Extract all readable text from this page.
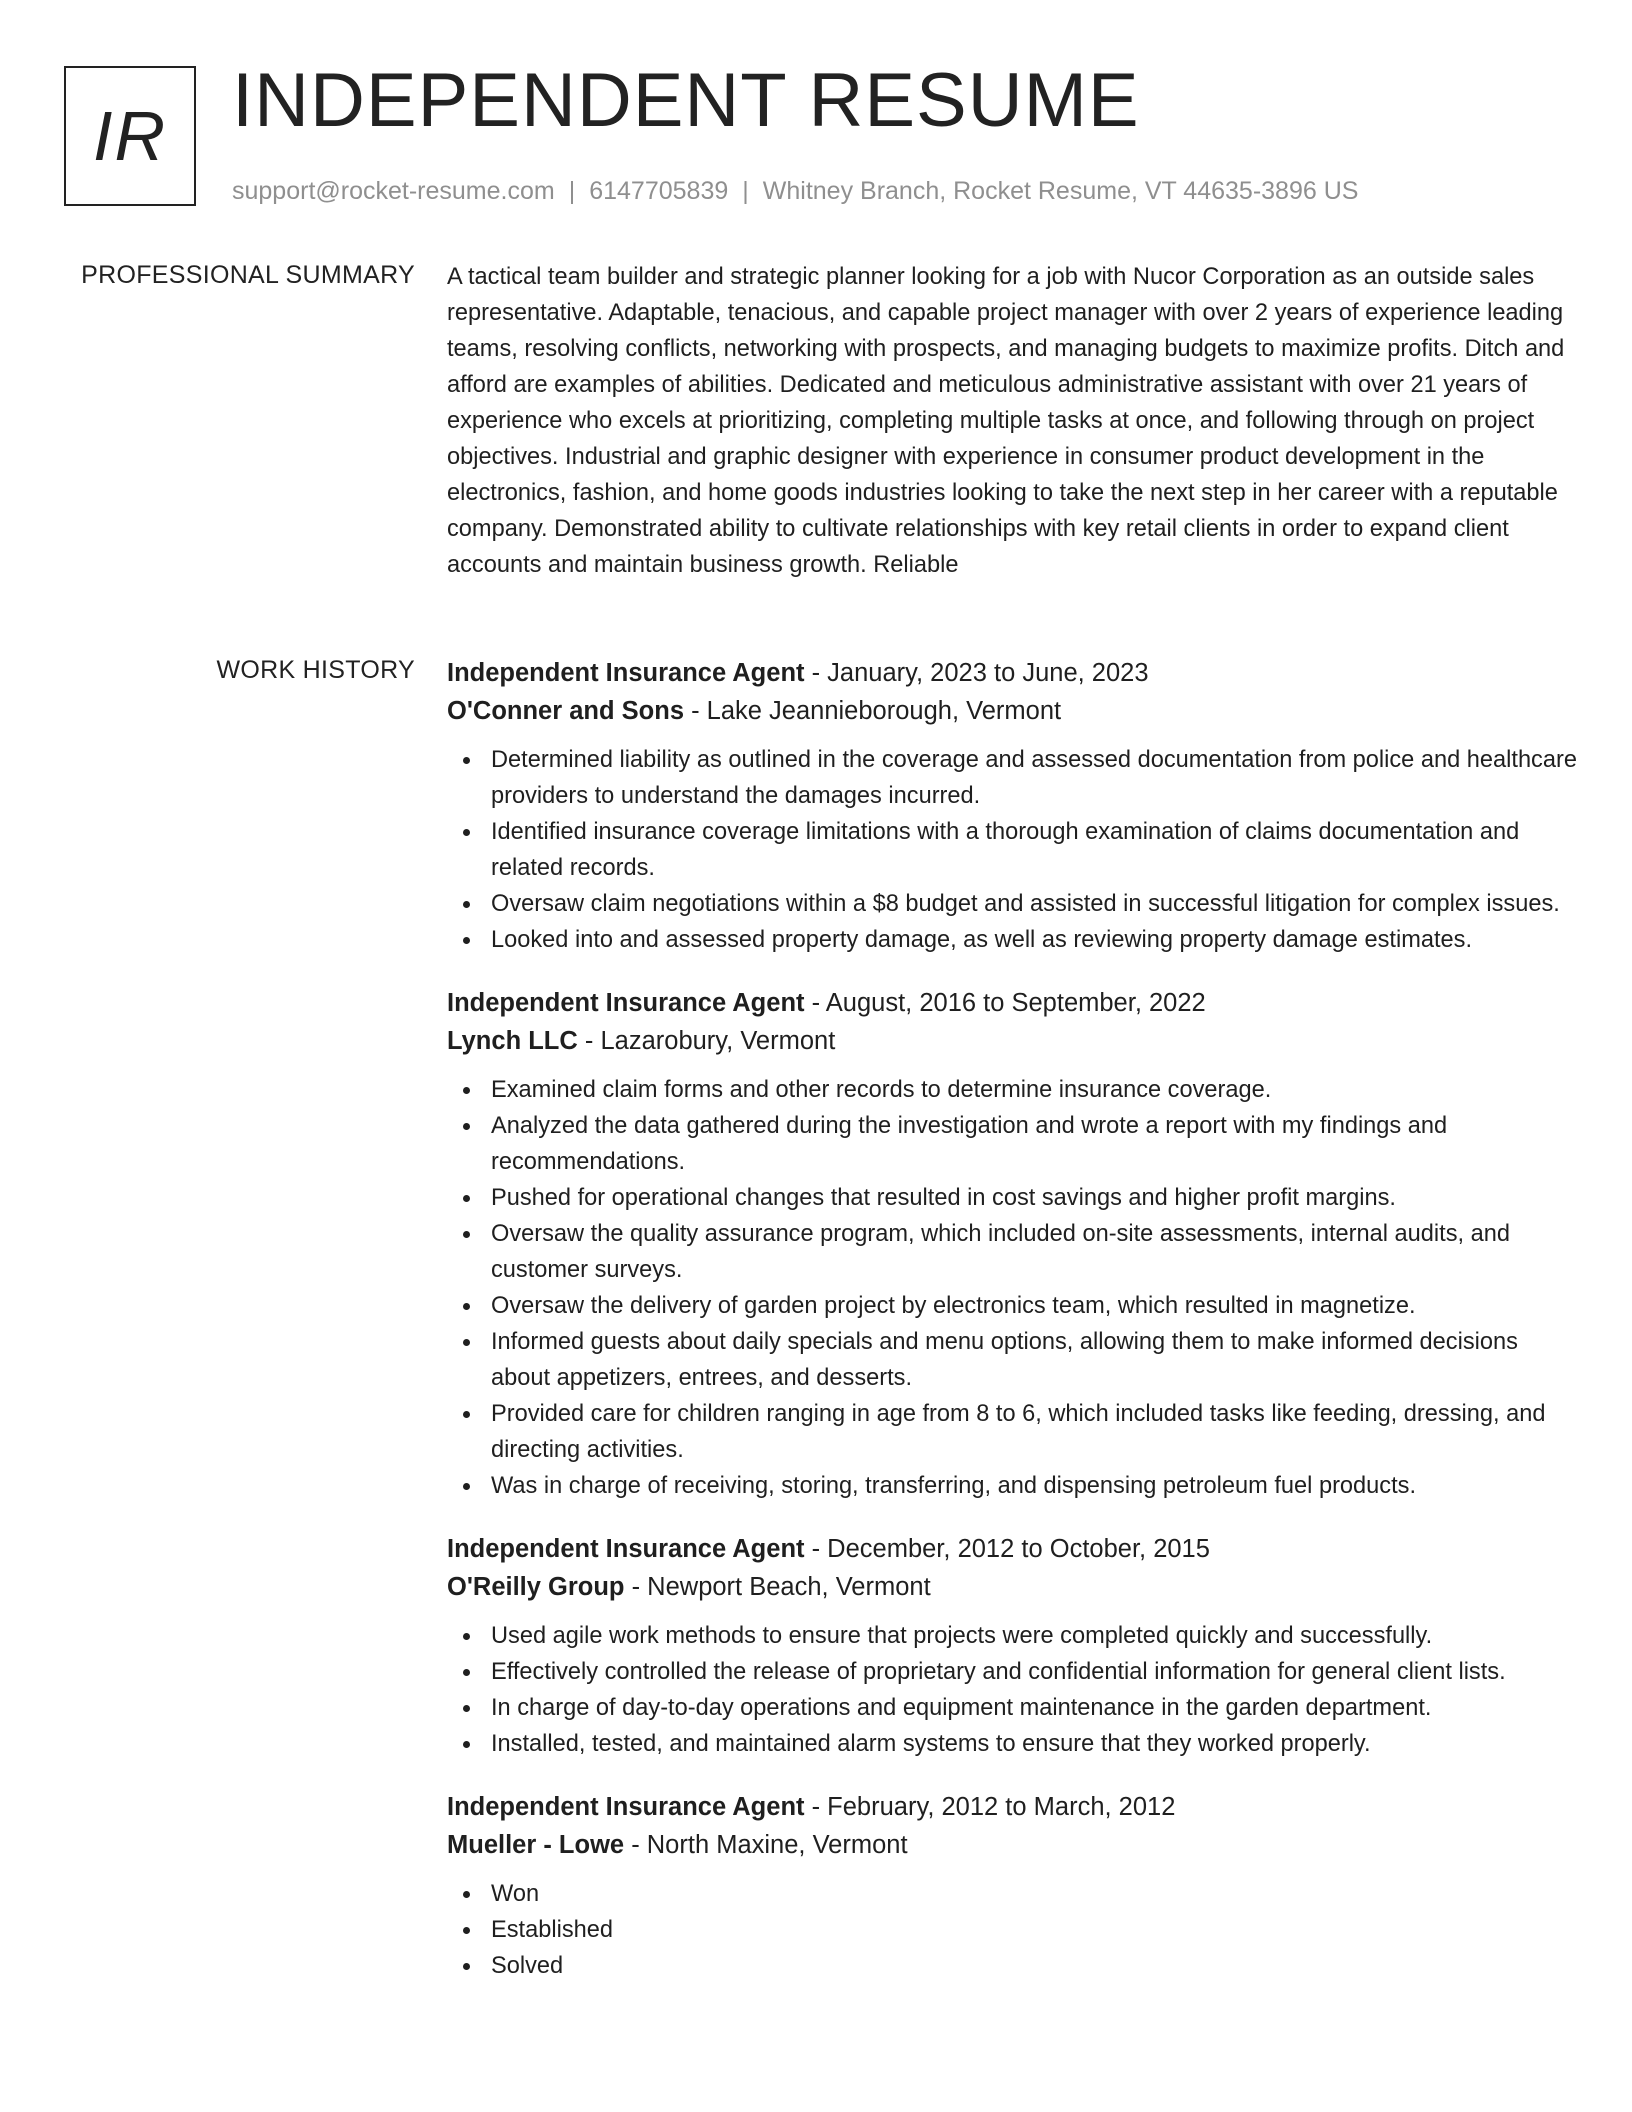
IR INDEPENDENT RESUME
support@rocket-resume.com | 6147705839 | Whitney Branch, Rocket Resume, VT 44635-3896 US
PROFESSIONAL SUMMARY A tactical team builder and strategic planner looking for a job with Nucor Corporation as an outside sales representative. Adaptable, tenacious, and capable project manager with over 2 years of experience leading teams, resolving conflicts, networking with prospects, and managing budgets to maximize profits. Ditch and afford are examples of abilities. Dedicated and meticulous administrative assistant with over 21 years of experience who excels at prioritizing, completing multiple tasks at once, and following through on project objectives. Industrial and graphic designer with experience in consumer product development in the electronics, fashion, and home goods industries looking to take the next step in her career with a reputable company. Demonstrated ability to cultivate relationships with key retail clients in order to expand client accounts and maintain business growth. Reliable

WORK HISTORY Independent Insurance Agent - January, 2023 to June, 2023
O'Conner and Sons - Lake Jeannieborough, Vermont
Determined liability as outlined in the coverage and assessed documentation from police and healthcare providers to understand the damages incurred.
Identified insurance coverage limitations with a thorough examination of claims documentation and related records.
Oversaw claim negotiations within a $8 budget and assisted in successful litigation for complex issues.
Looked into and assessed property damage, as well as reviewing property damage estimates.
Independent Insurance Agent - August, 2016 to September, 2022
Lynch LLC - Lazarobury, Vermont
Examined claim forms and other records to determine insurance coverage.
Analyzed the data gathered during the investigation and wrote a report with my findings and recommendations.
Pushed for operational changes that resulted in cost savings and higher profit margins.
Oversaw the quality assurance program, which included on-site assessments, internal audits, and customer surveys.
Oversaw the delivery of garden project by electronics team, which resulted in magnetize.
Informed guests about daily specials and menu options, allowing them to make informed decisions about appetizers, entrees, and desserts.
Provided care for children ranging in age from 8 to 6, which included tasks like feeding, dressing, and directing activities.
Was in charge of receiving, storing, transferring, and dispensing petroleum fuel products.
Independent Insurance Agent - December, 2012 to October, 2015
O'Reilly Group - Newport Beach, Vermont
Used agile work methods to ensure that projects were completed quickly and successfully.
Effectively controlled the release of proprietary and confidential information for general client lists.
In charge of day-to-day operations and equipment maintenance in the garden department.
Installed, tested, and maintained alarm systems to ensure that they worked properly.
Independent Insurance Agent - February, 2012 to March, 2012
Mueller - Lowe - North Maxine, Vermont
Won
Established
Solved
